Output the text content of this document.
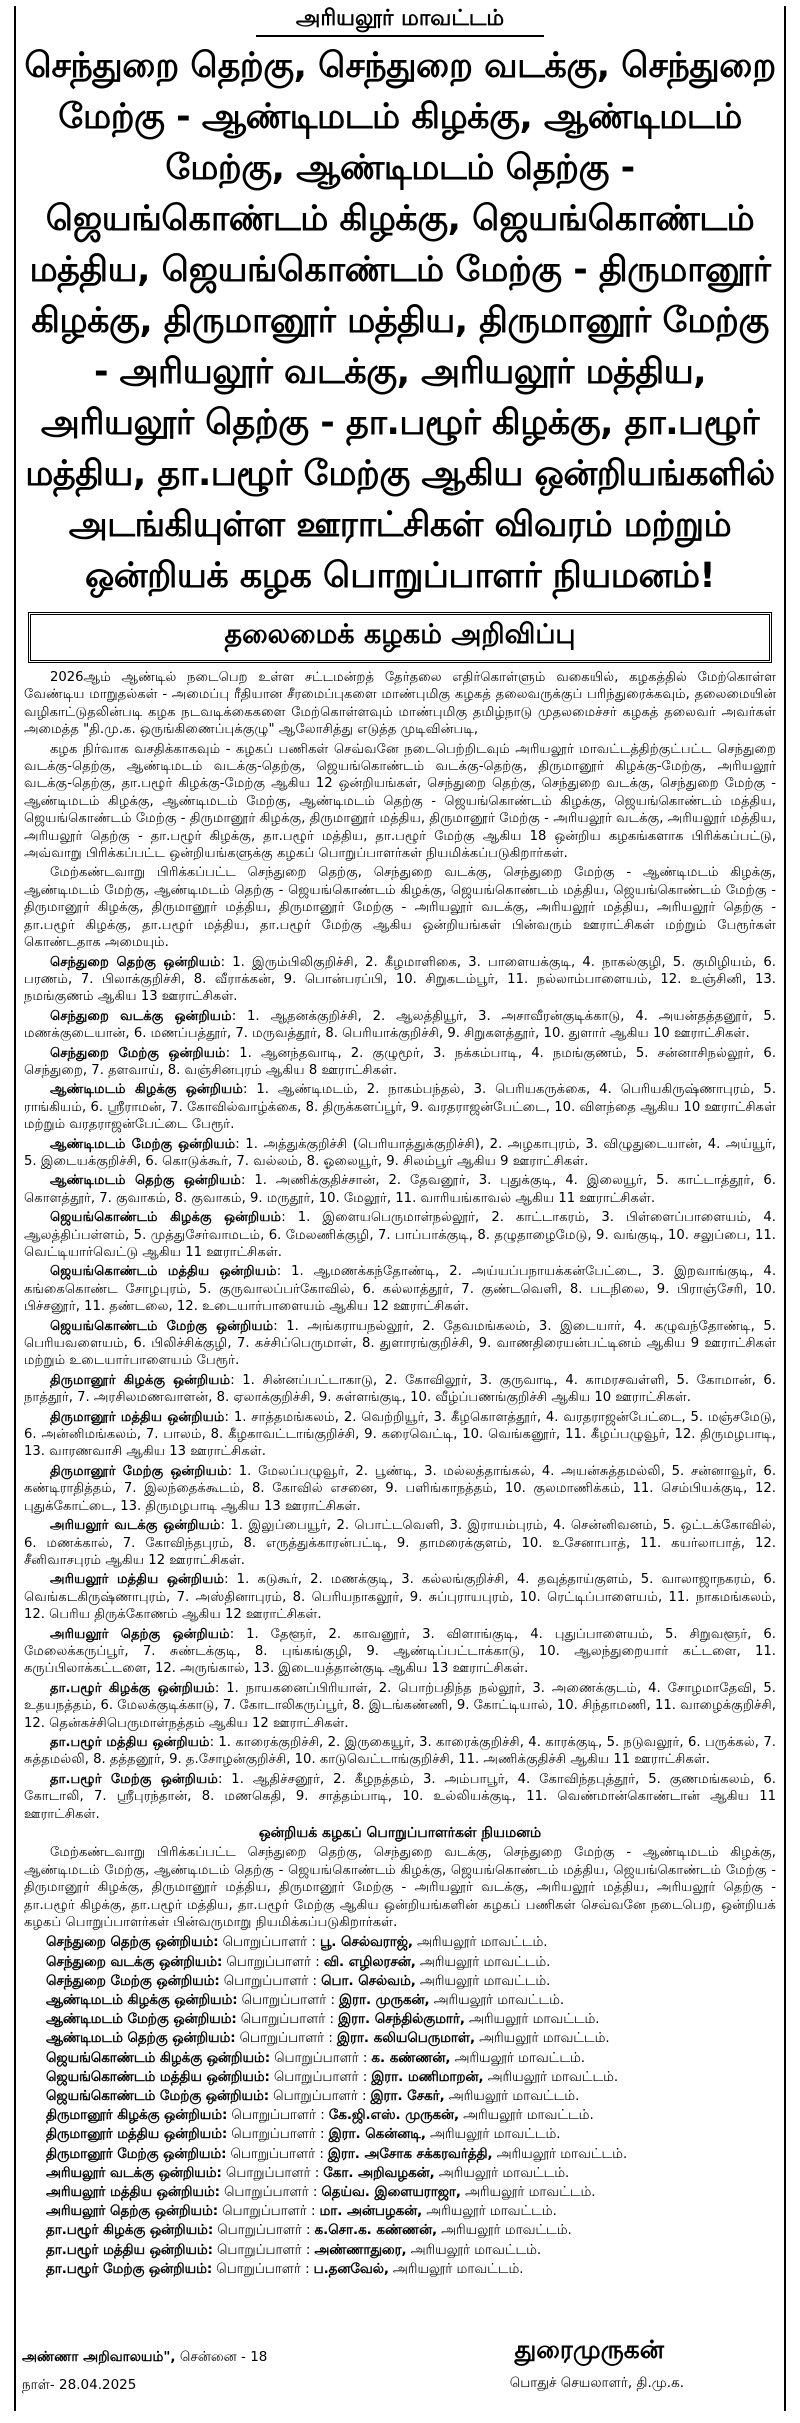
அரியலூர் மாவட்டம்
செந்துறை தெற்கு, செந்துறை வடக்கு, செந்துறை மேற்கு - ஆண்டிமடம் கிழக்கு, ஆண்டிமடம் மேற்கு, ஆண்டிமடம் தெற்கு - ஜெயங்கொண்டம் கிழக்கு, ஜெயங்கொண்டம் மத்திய, ஜெயங்கொண்டம் மேற்கு - திருமானூர் கிழக்கு, திருமானூர் மத்திய, திருமானூர் மேற்கு - அரியலூர் வடக்கு, அரியலூர் மத்திய, அரியலூர் தெற்கு - தா.பழூர் கிழக்கு, தா.பழூர் மத்திய, தா.பழூர் மேற்கு ஆகிய ஒன்றியங்களில் அடங்கியுள்ள ஊராட்சிகள் விவரம் மற்றும் ஒன்றியக் கழக பொறுப்பாளர் நியமனம்!
தலைமைக் கழகம் அறிவிப்பு

2026ஆம் ஆண்டில் நடைபெற உள்ள சட்டமன்றத் தேர்தலை எதிர்கொள்ளும் வகையில், கழகத்தில் மேற்கொள்ள வேண்டிய மாறுதல்கள் - அமைப்பு ரீதியான சீரமைப்புகளை மாண்புமிகு கழகத் தலைவருக்குப் பரிந்துரைக்கவும், தலைமையின் வழிகாட்டுதலின்படி கழக நடவடிக்கைகளை மேற்கொள்ளவும் மாண்புமிகு தமிழ்நாடு முதலமைச்சர் கழகத் தலைவர் அவர்கள் அமைத்த "தி.மு.க. ஒருங்கிணைப்புக்குழு" ஆலோசித்து எடுத்த முடிவின்படி,

கழக நிர்வாக வசதிக்காகவும் - கழகப் பணிகள் செவ்வனே நடைபெற்றிடவும் அரியலூர் மாவட்டத்திற்குட்பட்ட செந்துறை வடக்கு-தெற்கு, ஆண்டிமடம் வடக்கு-தெற்கு, ஜெயங்கொண்டம் வடக்கு-தெற்கு, திருமானூர் கிழக்கு-மேற்கு, அரியலூர் வடக்கு-தெற்கு, தா.பழூர் கிழக்கு-மேற்கு ஆகிய 12 ஒன்றியங்கள், செந்துறை தெற்கு, செந்துறை வடக்கு, செந்துறை மேற்கு - ஆண்டிமடம் கிழக்கு, ஆண்டிமடம் மேற்கு, ஆண்டிமடம் தெற்கு - ஜெயங்கொண்டம் கிழக்கு, ஜெயங்கொண்டம் மத்திய, ஜெயங்கொண்டம் மேற்கு - திருமானூர் கிழக்கு, திருமானூர் மத்திய, திருமானூர் மேற்கு - அரியலூர் வடக்கு, அரியலூர் மத்திய, அரியலூர் தெற்கு - தா.பழூர் கிழக்கு, தா.பழூர் மத்திய, தா.பழூர் மேற்கு ஆகிய 18 ஒன்றிய கழகங்களாக பிரிக்கப்பட்டு, அவ்வாறு பிரிக்கப்பட்ட ஒன்றியங்களுக்கு கழகப் பொறுப்பாளர்கள் நியமிக்கப்படுகிறார்கள்.

மேற்கண்டவாறு பிரிக்கப்பட்ட செந்துறை தெற்கு, செந்துறை வடக்கு, செந்துறை மேற்கு - ஆண்டிமடம் கிழக்கு, ஆண்டிமடம் மேற்கு, ஆண்டிமடம் தெற்கு - ஜெயங்கொண்டம் கிழக்கு, ஜெயங்கொண்டம் மத்திய, ஜெயங்கொண்டம் மேற்கு - திருமானூர் கிழக்கு, திருமானூர் மத்திய, திருமானூர் மேற்கு - அரியலூர் வடக்கு, அரியலூர் மத்திய, அரியலூர் தெற்கு - தா.பழூர் கிழக்கு, தா.பழூர் மத்திய, தா.பழூர் மேற்கு ஆகிய ஒன்றியங்கள் பின்வரும் ஊராட்சிகள் மற்றும் பேரூர்கள் கொண்டதாக அமையும்.

செந்துறை தெற்கு ஒன்றியம்: 1. இரும்பிலிகுறிச்சி, 2. கீழமாளிகை, 3. பாளையக்குடி, 4. நாகல்குழி, 5. குமிழியம், 6. பரணம், 7. பிலாக்குறிச்சி, 8. வீராக்கன், 9. பொன்பரப்பி, 10. சிறுகடம்பூர், 11. நல்லாம்பாளையம், 12. உஞ்சினி, 13. நமங்குணம் ஆகிய 13 ஊராட்சிகள்.

செந்துறை வடக்கு ஒன்றியம்: 1. ஆதனக்குறிச்சி, 2. ஆலத்தியூர், 3. அசாவீரன்குடிக்காடு, 4. அயன்தத்தனூர், 5. மணக்குடையான், 6. மணப்பத்தூர், 7. மருவத்தூர், 8. பெரியாக்குறிச்சி, 9. சிறுகளத்தூர், 10. துளார் ஆகிய 10 ஊராட்சிகள்.

செந்துறை மேற்கு ஒன்றியம்: 1. ஆனந்தவாடி, 2. குழுமூர், 3. நக்கம்பாடி, 4. நமங்குணம், 5. சன்னாசிநல்லூர், 6. செந்துறை, 7. தளவாய், 8. வஞ்சினபுரம் ஆகிய 8 ஊராட்சிகள்.

ஆண்டிமடம் கிழக்கு ஒன்றியம்: 1. ஆண்டிமடம், 2. நாகம்பந்தல், 3. பெரியகருக்கை, 4. பெரியகிருஷ்ணாபுரம், 5. ராங்கியம், 6. ஸ்ரீராமன், 7. கோவில்வாழ்க்கை, 8. திருக்களப்பூர், 9. வரதராஜன்பேட்டை, 10. விளந்தை ஆகிய 10 ஊராட்சிகள் மற்றும் வரதராஜன்பேட்டை பேரூர்.

ஆண்டிமடம் மேற்கு ஒன்றியம்: 1. அத்துக்குறிச்சி (பெரியாத்துக்குறிச்சி), 2. அழகாபுரம், 3. விழுதுடையான், 4. அய்யூர், 5. இடையக்குறிச்சி, 6. கொடுக்கூர், 7. வல்லம், 8. ஓலையூர், 9. சிலம்பூர் ஆகிய 9 ஊராட்சிகள்.

ஆண்டிமடம் தெற்கு ஒன்றியம்: 1. அணிக்குதிச்சான், 2. தேவனூர், 3. புதுக்குடி, 4. இலையூர், 5. காட்டாத்தூர், 6. கொளத்தூர், 7. குவாகம், 8. குவாகம், 9. மருதூர், 10. மேலூர், 11. வாரியங்காவல் ஆகிய 11 ஊராட்சிகள்.

ஜெயங்கொண்டம் கிழக்கு ஒன்றியம்: 1. இளையபெருமாள்நல்லூர், 2. காட்டாகரம், 3. பிள்ளைப்பாளையம், 4. ஆலத்திப்பள்ளம், 5. முத்துசேர்வாமடம், 6. மேலணிக்குழி, 7. பாப்பாக்குடி, 8. தழுதாழைமேடு, 9. வங்குடி, 10. சலுப்பை, 11. வெட்டியார்வெட்டு ஆகிய 11 ஊராட்சிகள்.

ஜெயங்கொண்டம் மத்திய ஒன்றியம்: 1. ஆமணக்கந்தோண்டி, 2. அய்யப்பநாயக்கன்பேட்டை, 3. இறவாங்குடி, 4. கங்கைகொண்ட சோழபுரம், 5. குருவாலப்பர்கோவில், 6. கல்லாத்தூர், 7. குண்டவெளி, 8. படநிலை, 9. பிராஞ்சேரி, 10. பிச்சனூர், 11. தண்டலை, 12. உடையார்பாளையம் ஆகிய 12 ஊராட்சிகள்.

ஜெயங்கொண்டம் மேற்கு ஒன்றியம்: 1. அங்கராயநல்லூர், 2. தேவமங்கலம், 3. இடையார், 4. கழுவந்தோண்டி, 5. பெரியவளையம், 6. பிலிச்சிக்குழி, 7. கச்சிப்பெருமாள், 8. துளாரங்குறிச்சி, 9. வாணதிரையன்பட்டினம் ஆகிய 9 ஊராட்சிகள் மற்றும் உடையார்பாளையம் பேரூர்.

திருமானூர் கிழக்கு ஒன்றியம்: 1. சின்னப்பட்டாகாடு, 2. கோவிலூர், 3. குருவாடி, 4. காமரசவள்ளி, 5. கோமான், 6. நாத்தூர், 7. அரசிலமணவாளன், 8. ஏலாக்குறிச்சி, 9. சுள்ளங்குடி, 10. வீழ்ப்பணங்குறிச்சி ஆகிய 10 ஊராட்சிகள்.

திருமானூர் மத்திய ஒன்றியம்: 1. சாத்தமங்கலம், 2. வெற்றியூர், 3. கீழகொளத்தூர், 4. வரதராஜன்பேட்டை, 5. மஞ்சமேடு, 6. அன்னிமங்கலம், 7. பாலம், 8. கீழகாவட்டாங்குறிச்சி, 9. கரைவெட்டி, 10. வெங்கனூர், 11. கீழப்பழுவூர், 12. திருமழபாடி, 13. வாரணவாசி ஆகிய 13 ஊராட்சிகள்.

திருமானூர் மேற்கு ஒன்றியம்: 1. மேலப்பழுவூர், 2. பூண்டி, 3. மல்லத்தாங்கல், 4. அயன்சுத்தமல்லி, 5. சன்னாவூர், 6. கண்டிராதித்தம், 7. இலந்தைக்கூடம், 8. கோவில் எசனை, 9. பளிங்காநத்தம், 10. குலமாணிக்கம், 11. செம்பியக்குடி, 12. புதுக்கோட்டை, 13. திருமழபாடி ஆகிய 13 ஊராட்சிகள்.

அரியலூர் வடக்கு ஒன்றியம்: 1. இலுப்பையூர், 2. பொட்டவெளி, 3. இராயம்புரம், 4. சென்னிவனம், 5. ஒட்டக்கோவில், 6. மணக்கால், 7. கோவிந்தபுரம், 8. எருத்துக்காரன்பட்டி, 9. தாமரைக்குளம், 10. உசேனாபாத், 11. கயர்லாபாத், 12. சீனிவாசபுரம் ஆகிய 12 ஊராட்சிகள்.

அரியலூர் மத்திய ஒன்றியம்: 1. கடுகூர், 2. மணக்குடி, 3. கல்லங்குறிச்சி, 4. தவுத்தாய்குளம், 5. வாலாஜாநகரம், 6. வெங்கடகிருஷ்ணாபுரம், 7. அஸ்தினாபுரம், 8. பெரியநாகலூர், 9. சுப்புராயபுரம், 10. ரெட்டிப்பாளையம், 11. நாகமங்கலம், 12. பெரிய திருக்கோணம் ஆகிய 12 ஊராட்சிகள்.

அரியலூர் தெற்கு ஒன்றியம்: 1. தேளூர், 2. காவனூர், 3. விளாங்குடி, 4. புதுப்பாளையம், 5. சிறுவளூர், 6. மேலைக்கருப்பூர், 7. சுண்டக்குடி, 8. புங்கங்குழி, 9. ஆண்டிப்பட்டாக்காடு, 10. ஆலந்துறையார் கட்டளை, 11. கருப்பிலாக்கட்டளை, 12. அருங்கால், 13. இடையத்தான்குடி ஆகிய 13 ஊராட்சிகள்.

தா.பழூர் கிழக்கு ஒன்றியம்: 1. நாயகனைப்பிரியாள், 2. பொற்பதிந்த நல்லூர், 3. அணைக்குடம், 4. சோழமாதேவி, 5. உதயநத்தம், 6. மேலக்குடிக்காடு, 7. கோடாலிகருப்பூர், 8. இடங்கண்ணி, 9. கோட்டியால், 10. சிந்தாமணி, 11. வாழைக்குறிச்சி, 12. தென்கச்சிபெருமாள்நத்தம் ஆகிய 12 ஊராட்சிகள்.

தா.பழூர் மத்திய ஒன்றியம்: 1. காரைக்குறிச்சி, 2. இருகையூர், 3. காரைக்குறிச்சி, 4. காரக்குடி, 5. நடுவலூர், 6. பருக்கல், 7. சுத்தமல்லி, 8. தத்தனூர், 9. த.சோழன்குறிச்சி, 10. காடுவெட்டாங்குறிச்சி, 11. அணிக்குதிச்சி ஆகிய 11 ஊராட்சிகள்.

தா.பழூர் மேற்கு ஒன்றியம்: 1. ஆதிச்சனூர், 2. கீழநத்தம், 3. அம்பாபூர், 4. கோவிந்தபுத்தூர், 5. குணமங்கலம், 6. கோடாலி, 7. ஸ்ரீபுரந்தான், 8. மணகெதி, 9. சாத்தம்பாடி, 10. உல்லியக்குடி, 11. வெண்மான்கொண்டான் ஆகிய 11 ஊராட்சிகள்.

ஒன்றியக் கழகப் பொறுப்பாளர்கள் நியமனம்

மேற்கண்டவாறு பிரிக்கப்பட்ட செந்துறை தெற்கு, செந்துறை வடக்கு, செந்துறை மேற்கு - ஆண்டிமடம் கிழக்கு, ஆண்டிமடம் மேற்கு, ஆண்டிமடம் தெற்கு - ஜெயங்கொண்டம் கிழக்கு, ஜெயங்கொண்டம் மத்திய, ஜெயங்கொண்டம் மேற்கு - திருமானூர் கிழக்கு, திருமானூர் மத்திய, திருமானூர் மேற்கு - அரியலூர் வடக்கு, அரியலூர் மத்திய, அரியலூர் தெற்கு - தா.பழூர் கிழக்கு, தா.பழூர் மத்திய, தா.பழூர் மேற்கு ஆகிய ஒன்றியங்களின் கழகப் பணிகள் செவ்வனே நடைபெற, ஒன்றியக் கழகப் பொறுப்பாளர்கள் பின்வருமாறு நியமிக்கப்படுகிறார்கள்.

செந்துறை தெற்கு ஒன்றியம்: பொறுப்பாளர் : பூ. செல்வராஜ், அரியலூர் மாவட்டம்.
செந்துறை வடக்கு ஒன்றியம்: பொறுப்பாளர் : வி. எழிலரசன், அரியலூர் மாவட்டம்.
செந்துறை மேற்கு ஒன்றியம்: பொறுப்பாளர் : பொ. செல்வம், அரியலூர் மாவட்டம்.
ஆண்டிமடம் கிழக்கு ஒன்றியம்: பொறுப்பாளர் : இரா. முருகன், அரியலூர் மாவட்டம்.
ஆண்டிமடம் மேற்கு ஒன்றியம்: பொறுப்பாளர் : இரா. செந்தில்குமார், அரியலூர் மாவட்டம்.
ஆண்டிமடம் தெற்கு ஒன்றியம்: பொறுப்பாளர் : இரா. கலியபெருமாள், அரியலூர் மாவட்டம்.
ஜெயங்கொண்டம் கிழக்கு ஒன்றியம்: பொறுப்பாளர் : க. கண்ணன், அரியலூர் மாவட்டம்.
ஜெயங்கொண்டம் மத்திய ஒன்றியம்: பொறுப்பாளர் : இரா. மணிமாறன், அரியலூர் மாவட்டம்.
ஜெயங்கொண்டம் மேற்கு ஒன்றியம்: பொறுப்பாளர் : இரா. சேகர், அரியலூர் மாவட்டம்.
திருமானூர் கிழக்கு ஒன்றியம்: பொறுப்பாளர் : கே.ஜி.எஸ். முருகன், அரியலூர் மாவட்டம்.
திருமானூர் மத்திய ஒன்றியம்: பொறுப்பாளர் : இரா. கென்னடி, அரியலூர் மாவட்டம்.
திருமானூர் மேற்கு ஒன்றியம்: பொறுப்பாளர் : இரா. அசோக சக்கரவர்த்தி, அரியலூர் மாவட்டம்.
அரியலூர் வடக்கு ஒன்றியம்: பொறுப்பாளர் : கோ. அறிவழகன், அரியலூர் மாவட்டம்.
அரியலூர் மத்திய ஒன்றியம்: பொறுப்பாளர் : தெய்வ. இளையராஜா, அரியலூர் மாவட்டம்.
அரியலூர் தெற்கு ஒன்றியம்: பொறுப்பாளர் : மா. அன்பழகன், அரியலூர் மாவட்டம்.
தா.பழூர் கிழக்கு ஒன்றியம்: பொறுப்பாளர் : க.சொ.க. கண்ணன், அரியலூர் மாவட்டம்.
தா.பழூர் மத்திய ஒன்றியம்: பொறுப்பாளர் : அண்ணாதுரை, அரியலூர் மாவட்டம்.
தா.பழூர் மேற்கு ஒன்றியம்: பொறுப்பாளர் : ப.தனவேல், அரியலூர் மாவட்டம்.
அண்ணா அறிவாலயம்", சென்னை - 18
நாள்- 28.04.2025
துரைமுருகன்
பொதுச் செயலாளர், தி.மு.க.
